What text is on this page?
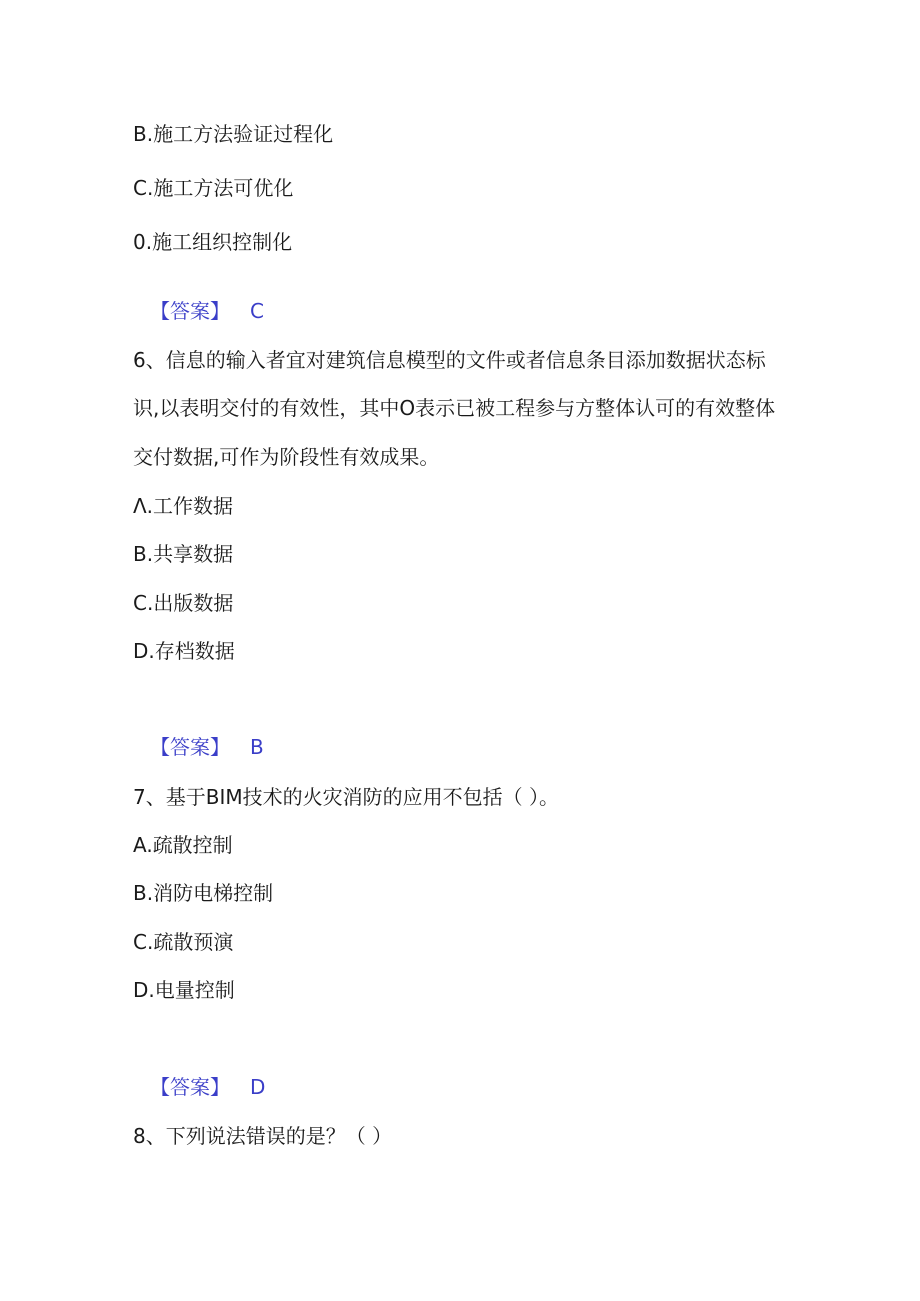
B.施工方法验证过程化
C.施工方法可优化
0.施工组织控制化
【答案】 C
6、信息的输入者宜对建筑信息模型的文件或者信息条目添加数据状态标
识,以表明交付的有效性，其中O表示已被工程参与方整体认可的有效整体
交付数据,可作为阶段性有效成果。
Λ.工作数据
B.共享数据
C.出版数据
D.存档数据
【答案】 B
7、基于BIM技术的火灾消防的应用不包括（ ）。
A.疏散控制
B.消防电梯控制
C.疏散预演
D.电量控制
【答案】 D
8、下列说法错误的是？（ ）
